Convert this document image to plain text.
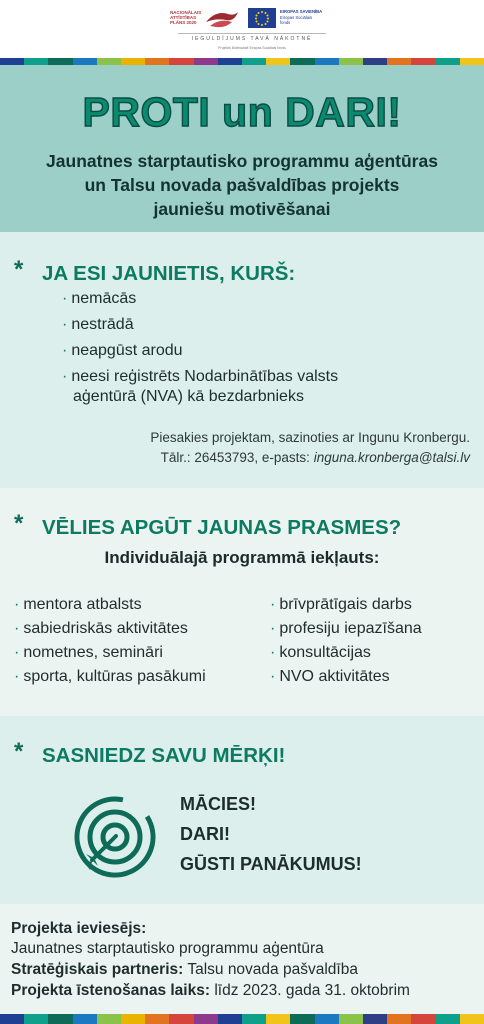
NACIONĀLAIS
ATTĪSTĪBAS
PLĀNS 2020
EIROPAS SAVIENĪBA
Eiropas Sociālais
fonds
IEGULDĪJUMS TAVĀ NĀKOTNĒ
Projekts līdzfinansē Eiropas Sociālais fonds
PROTI un DARI!
Jaunatnes starptautisko programmu aģentūras
un Talsu novada pašvaldības projekts
jauniešu motivēšanai
* JA ESI JAUNIETIS, KURŠ:
· nemācās
· nestrādā
· neapgūst arodu
· neesi reģistrēts Nodarbinātības valsts
aģentūrā (NVA) kā bezdarbnieks
Piesakies projektam, sazinoties ar Ingunu Kronbergu.
Tālr.: 26453793, e-pasts: inguna.kronberga@talsi.lv
* VĒLIES APGŪT JAUNAS PRASMES?
Individuālajā programmā iekļauts:
· mentora atbalsts
· sabiedriskās aktivitātes
· nometnes, semināri
· sporta, kultūras pasākumi
· brīvprātīgais darbs
· profesiju iepazīšana
· konsultācijas
· NVO aktivitātes
* SASNIEDZ SAVU MĒRĶI!
MĀCIES!
DARI!
GŪSTI PANĀKUMUS!
Projekta ieviesējs:
Jaunatnes starptautisko programmu aģentūra
Stratēģiskais partneris: Talsu novada pašvaldība
Projekta īstenošanas laiks: līdz 2023. gada 31. oktobrim
